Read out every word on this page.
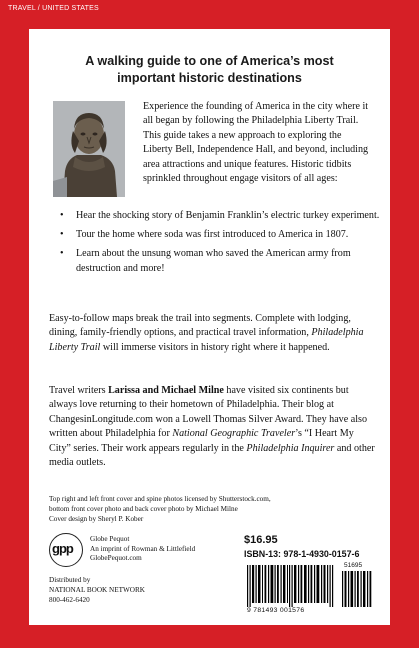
TRAVEL / UNITED STATES
A walking guide to one of America’s most
important historic destinations
Experience the founding of America in the city where it all began by following the Philadelphia Liberty Trail. This guide takes a new approach to exploring the Liberty Bell, Independence Hall, and beyond, including area attractions and unique features. Historic tidbits sprinkled throughout engage visitors of all ages:
• Hear the shocking story of Benjamin Franklin’s electric turkey experiment.
• Tour the home where soda was first introduced to America in 1807.
• Learn about the unsung woman who saved the American army from destruction and more!
Easy-to-follow maps break the trail into segments. Complete with lodging, dining, family-friendly options, and practical travel information, Philadelphia Liberty Trail will immerse visitors in history right where it happened.
Travel writers Larissa and Michael Milne have visited six continents but always love returning to their hometown of Philadelphia. Their blog at ChangesinLongitude.com won a Lowell Thomas Silver Award. They have also written about Philadelphia for National Geographic Traveler’s “I Heart My City” series. Their work appears regularly in the Philadelphia Inquirer and other media outlets.
Top right and left front cover and spine photos licensed by Shutterstock.com,
bottom front cover photo and back cover photo by Michael Milne
Cover design by Sheryl P. Kober
gpp
Globe Pequot
An imprint of Rowman & Littlefield
GlobePequot.com
Distributed by
NATIONAL BOOK NETWORK
800-462-6420
$16.95
ISBN-13: 978-1-4930-0157-6
51695
9 781493 001576
